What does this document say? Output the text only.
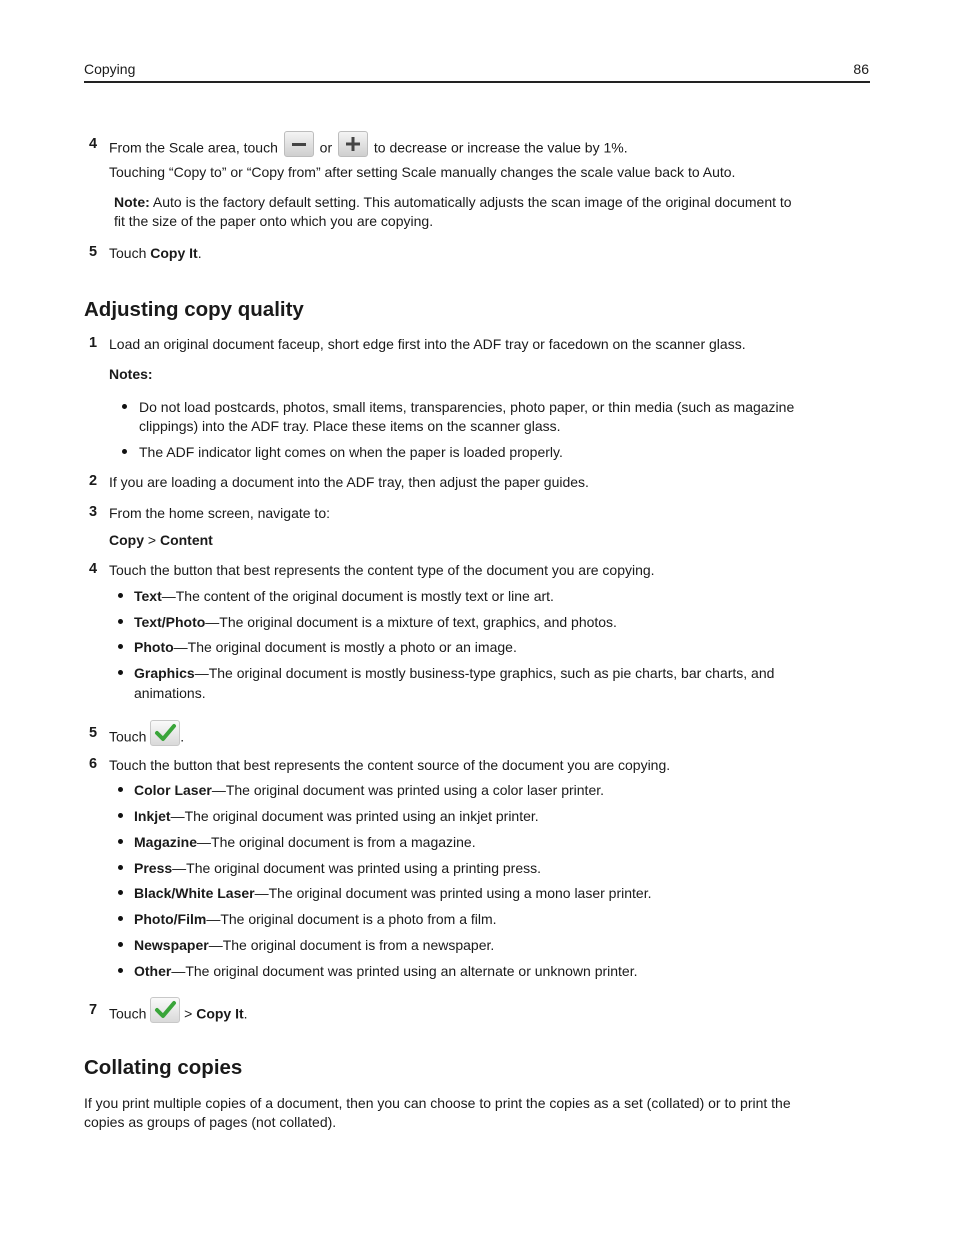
Copying	86
4 From the Scale area, touch	or	to decrease or increase the value by 1%.
Touching “Copy to” or “Copy from” after setting Scale manually changes the scale value back to Auto.
Note: Auto is the factory default setting. This automatically adjusts the scan image of the original document to
fit the size of the paper onto which you are copying.
5 Touch Copy It.
Adjusting copy quality
1 Load an original document faceup, short edge first into the ADF tray or facedown on the scanner glass.
Notes:
Do not load postcards, photos, small items, transparencies, photo paper, or thin media (such as magazine
clippings) into the ADF tray. Place these items on the scanner glass.
The ADF indicator light comes on when the paper is loaded properly.
2 If you are loading a document into the ADF tray, then adjust the paper guides.
3 From the home screen, navigate to:
Copy > Content
4 Touch the button that best represents the content type of the document you are copying.
Text—The content of the original document is mostly text or line art.
Text/Photo—The original document is a mixture of text, graphics, and photos.
Photo—The original document is mostly a photo or an image.
Graphics—The original document is mostly business-type graphics, such as pie charts, bar charts, and
animations.
5 Touch .
6 Touch the button that best represents the content source of the document you are copying.
Color Laser—The original document was printed using a color laser printer.
Inkjet—The original document was printed using an inkjet printer.
Magazine—The original document is from a magazine.
Press—The original document was printed using a printing press.
Black/White Laser—The original document was printed using a mono laser printer.
Photo/Film—The original document is a photo from a film.
Newspaper—The original document is from a newspaper.
Other—The original document was printed using an alternate or unknown printer.
7 Touch	> Copy It.
Collating copies
If you print multiple copies of a document, then you can choose to print the copies as a set (collated) or to print the
copies as groups of pages (not collated).
